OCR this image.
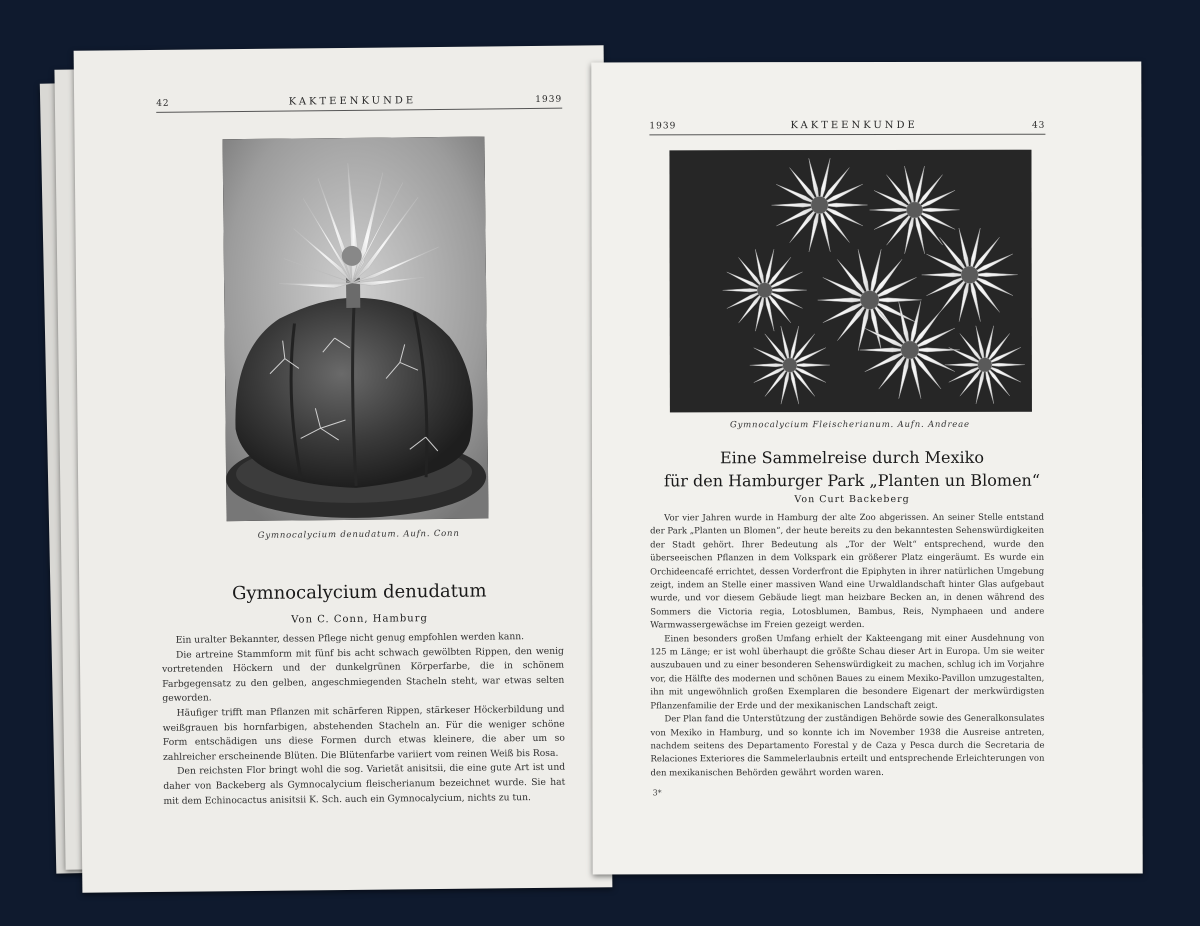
42	KAKTEENKUNDE	1939
Gymnocalycium denudatum. Aufn. Conn
Gymnocalycium denudatum
Von C. Conn, Hamburg

Ein uralter Bekannter, dessen Pflege nicht genug empfohlen werden kann.

Die artreine Stammform mit fünf bis acht schwach gewölbten Rippen, den wenig vortretenden Höckern und der dunkelgrünen Körperfarbe, die in schönem Farbgegensatz zu den gelben, angeschmiegenden Stacheln steht, war etwas selten geworden.

Häufiger trifft man Pflanzen mit schärferen Rippen, stärkeser Höckerbildung und weißgrauen bis hornfarbigen, abstehenden Stacheln an. Für die weniger schöne Form entschädigen uns diese Formen durch etwas kleinere, die aber um so zahlreicher erscheinende Blüten. Die Blütenfarbe variiert vom reinen Weiß bis Rosa.

Den reichsten Flor bringt wohl die sog. Varietät anisitsii, die eine gute Art ist und daher von Backeberg als Gymnocalycium fleischerianum bezeichnet wurde. Sie hat mit dem Echinocactus anisitsii K. Sch. auch ein Gymnocalycium, nichts zu tun.

1939	KAKTEENKUNDE	43
Gymnocalycium Fleischerianum. Aufn. Andreae
Eine Sammelreise durch Mexiko
für den Hamburger Park „Planten un Blomen“
Von Curt Backeberg

Vor vier Jahren wurde in Hamburg der alte Zoo abgerissen. An seiner Stelle entstand der Park „Planten un Blomen“, der heute bereits zu den bekanntesten Sehenswürdigkeiten der Stadt gehört. Ihrer Bedeutung als „Tor der Welt“ entsprechend, wurde den überseeischen Pflanzen in dem Volkspark ein größerer Platz eingeräumt. Es wurde ein Orchideencafé errichtet, dessen Vorderfront die Epiphyten in ihrer natürlichen Umgebung zeigt, indem an Stelle einer massiven Wand eine Urwaldlandschaft hinter Glas aufgebaut wurde, und vor diesem Gebäude liegt man heizbare Becken an, in denen während des Sommers die Victoria regia, Lotosblumen, Bambus, Reis, Nymphaeen und andere Warmwassergewächse im Freien gezeigt werden.

Einen besonders großen Umfang erhielt der Kakteengang mit einer Ausdehnung von 125 m Länge; er ist wohl überhaupt die größte Schau dieser Art in Europa. Um sie weiter auszubauen und zu einer besonderen Sehenswürdigkeit zu machen, schlug ich im Vorjahre vor, die Hälfte des modernen und schönen Baues zu einem Mexiko-Pavillon umzugestalten, ihn mit ungewöhnlich großen Exemplaren die besondere Eigenart der merkwürdigsten Pflanzenfamilie der Erde und der mexikanischen Landschaft zeigt.

Der Plan fand die Unterstützung der zuständigen Behörde sowie des Generalkonsulates von Mexiko in Hamburg, und so konnte ich im November 1938 die Ausreise antreten, nachdem seitens des Departamento Forestal y de Caza y Pesca durch die Secretaria de Relaciones Exteriores die Sammelerlaubnis erteilt und entsprechende Erleichterungen von den mexikanischen Behörden gewährt worden waren.

3*
